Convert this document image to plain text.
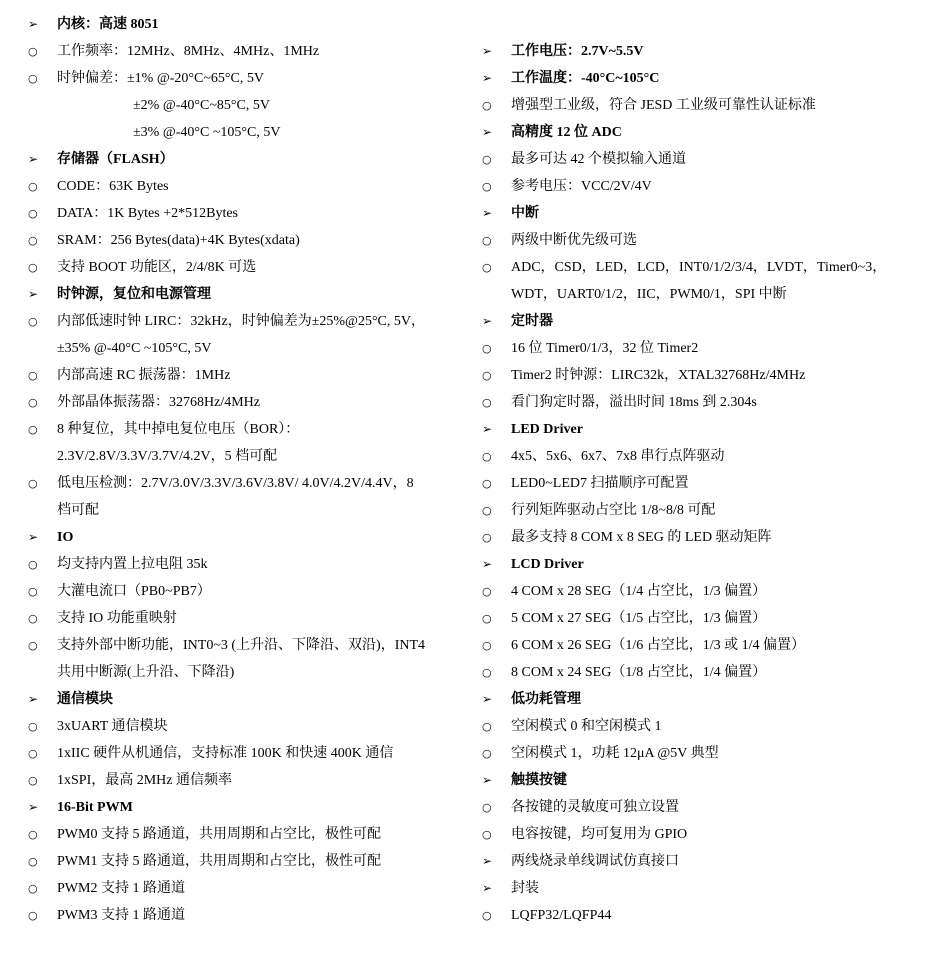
➢	内核：高速 8051
○	工作频率：12MHz、8MHz、4MHz、1MHz
○	时钟偏差：±1% @-20°C~65°C, 5V
±2% @-40°C~85°C, 5V
±3% @-40°C ~105°C, 5V
➢	存储器（FLASH）
○	CODE：63K Bytes
○	DATA：1K Bytes +2*512Bytes
○	SRAM：256 Bytes(data)+4K Bytes(xdata)
○	支持 BOOT 功能区，2/4/8K 可选
➢	时钟源，复位和电源管理
○	内部低速时钟 LIRC：32kHz，时钟偏差为±25%@25°C, 5V，
±35% @-40°C ~105°C, 5V
○	内部高速 RC 振荡器：1MHz
○	外部晶体振荡器：32768Hz/4MHz
○	8 种复位，其中掉电复位电压（BOR）：
2.3V/2.8V/3.3V/3.7V/4.2V，5 档可配
○	低电压检测：2.7V/3.0V/3.3V/3.6V/3.8V/ 4.0V/4.2V/4.4V，8
档可配
➢	IO
○	均支持内置上拉电阻 35k
○	大灌电流口（PB0~PB7）
○	支持 IO 功能重映射
○	支持外部中断功能，INT0~3 (上升沿、下降沿、双沿)，INT4
共用中断源(上升沿、下降沿)
➢	通信模块
○	3xUART 通信模块
○	1xIIC 硬件从机通信，支持标准 100K 和快速 400K 通信
○	1xSPI，最高 2MHz 通信频率
➢	16-Bit PWM
○	PWM0 支持 5 路通道，共用周期和占空比，极性可配
○	PWM1 支持 5 路通道，共用周期和占空比，极性可配
○	PWM2 支持 1 路通道
○	PWM3 支持 1 路通道
➢	工作电压：2.7V~5.5V
➢	工作温度：-40°C~105°C
○	增强型工业级，符合 JESD 工业级可靠性认证标准
➢	高精度 12 位 ADC
○	最多可达 42 个模拟输入通道
○	参考电压：VCC/2V/4V
➢	中断
○	两级中断优先级可选
○	ADC，CSD，LED，LCD，INT0/1/2/3/4，LVDT，Timer0~3，
WDT，UART0/1/2，IIC，PWM0/1，SPI 中断
➢	定时器
○	16 位 Timer0/1/3，32 位 Timer2
○	Timer2 时钟源：LIRC32k，XTAL32768Hz/4MHz
○	看门狗定时器，溢出时间 18ms 到 2.304s
➢	LED Driver
○	4x5、5x6、6x7、7x8 串行点阵驱动
○	LED0~LED7 扫描顺序可配置
○	行列矩阵驱动占空比 1/8~8/8 可配
○	最多支持 8 COM x 8 SEG 的 LED 驱动矩阵
➢	LCD Driver
○	4 COM x 28 SEG（1/4 占空比，1/3 偏置）
○	5 COM x 27 SEG（1/5 占空比，1/3 偏置）
○	6 COM x 26 SEG（1/6 占空比，1/3 或 1/4 偏置）
○	8 COM x 24 SEG（1/8 占空比，1/4 偏置）
➢	低功耗管理
○	空闲模式 0 和空闲模式 1
○	空闲模式 1，功耗 12μA @5V 典型
➢	触摸按键
○	各按键的灵敏度可独立设置
○	电容按键，均可复用为 GPIO
➢	两线烧录单线调试仿真接口
➢	封装
○	LQFP32/LQFP44
